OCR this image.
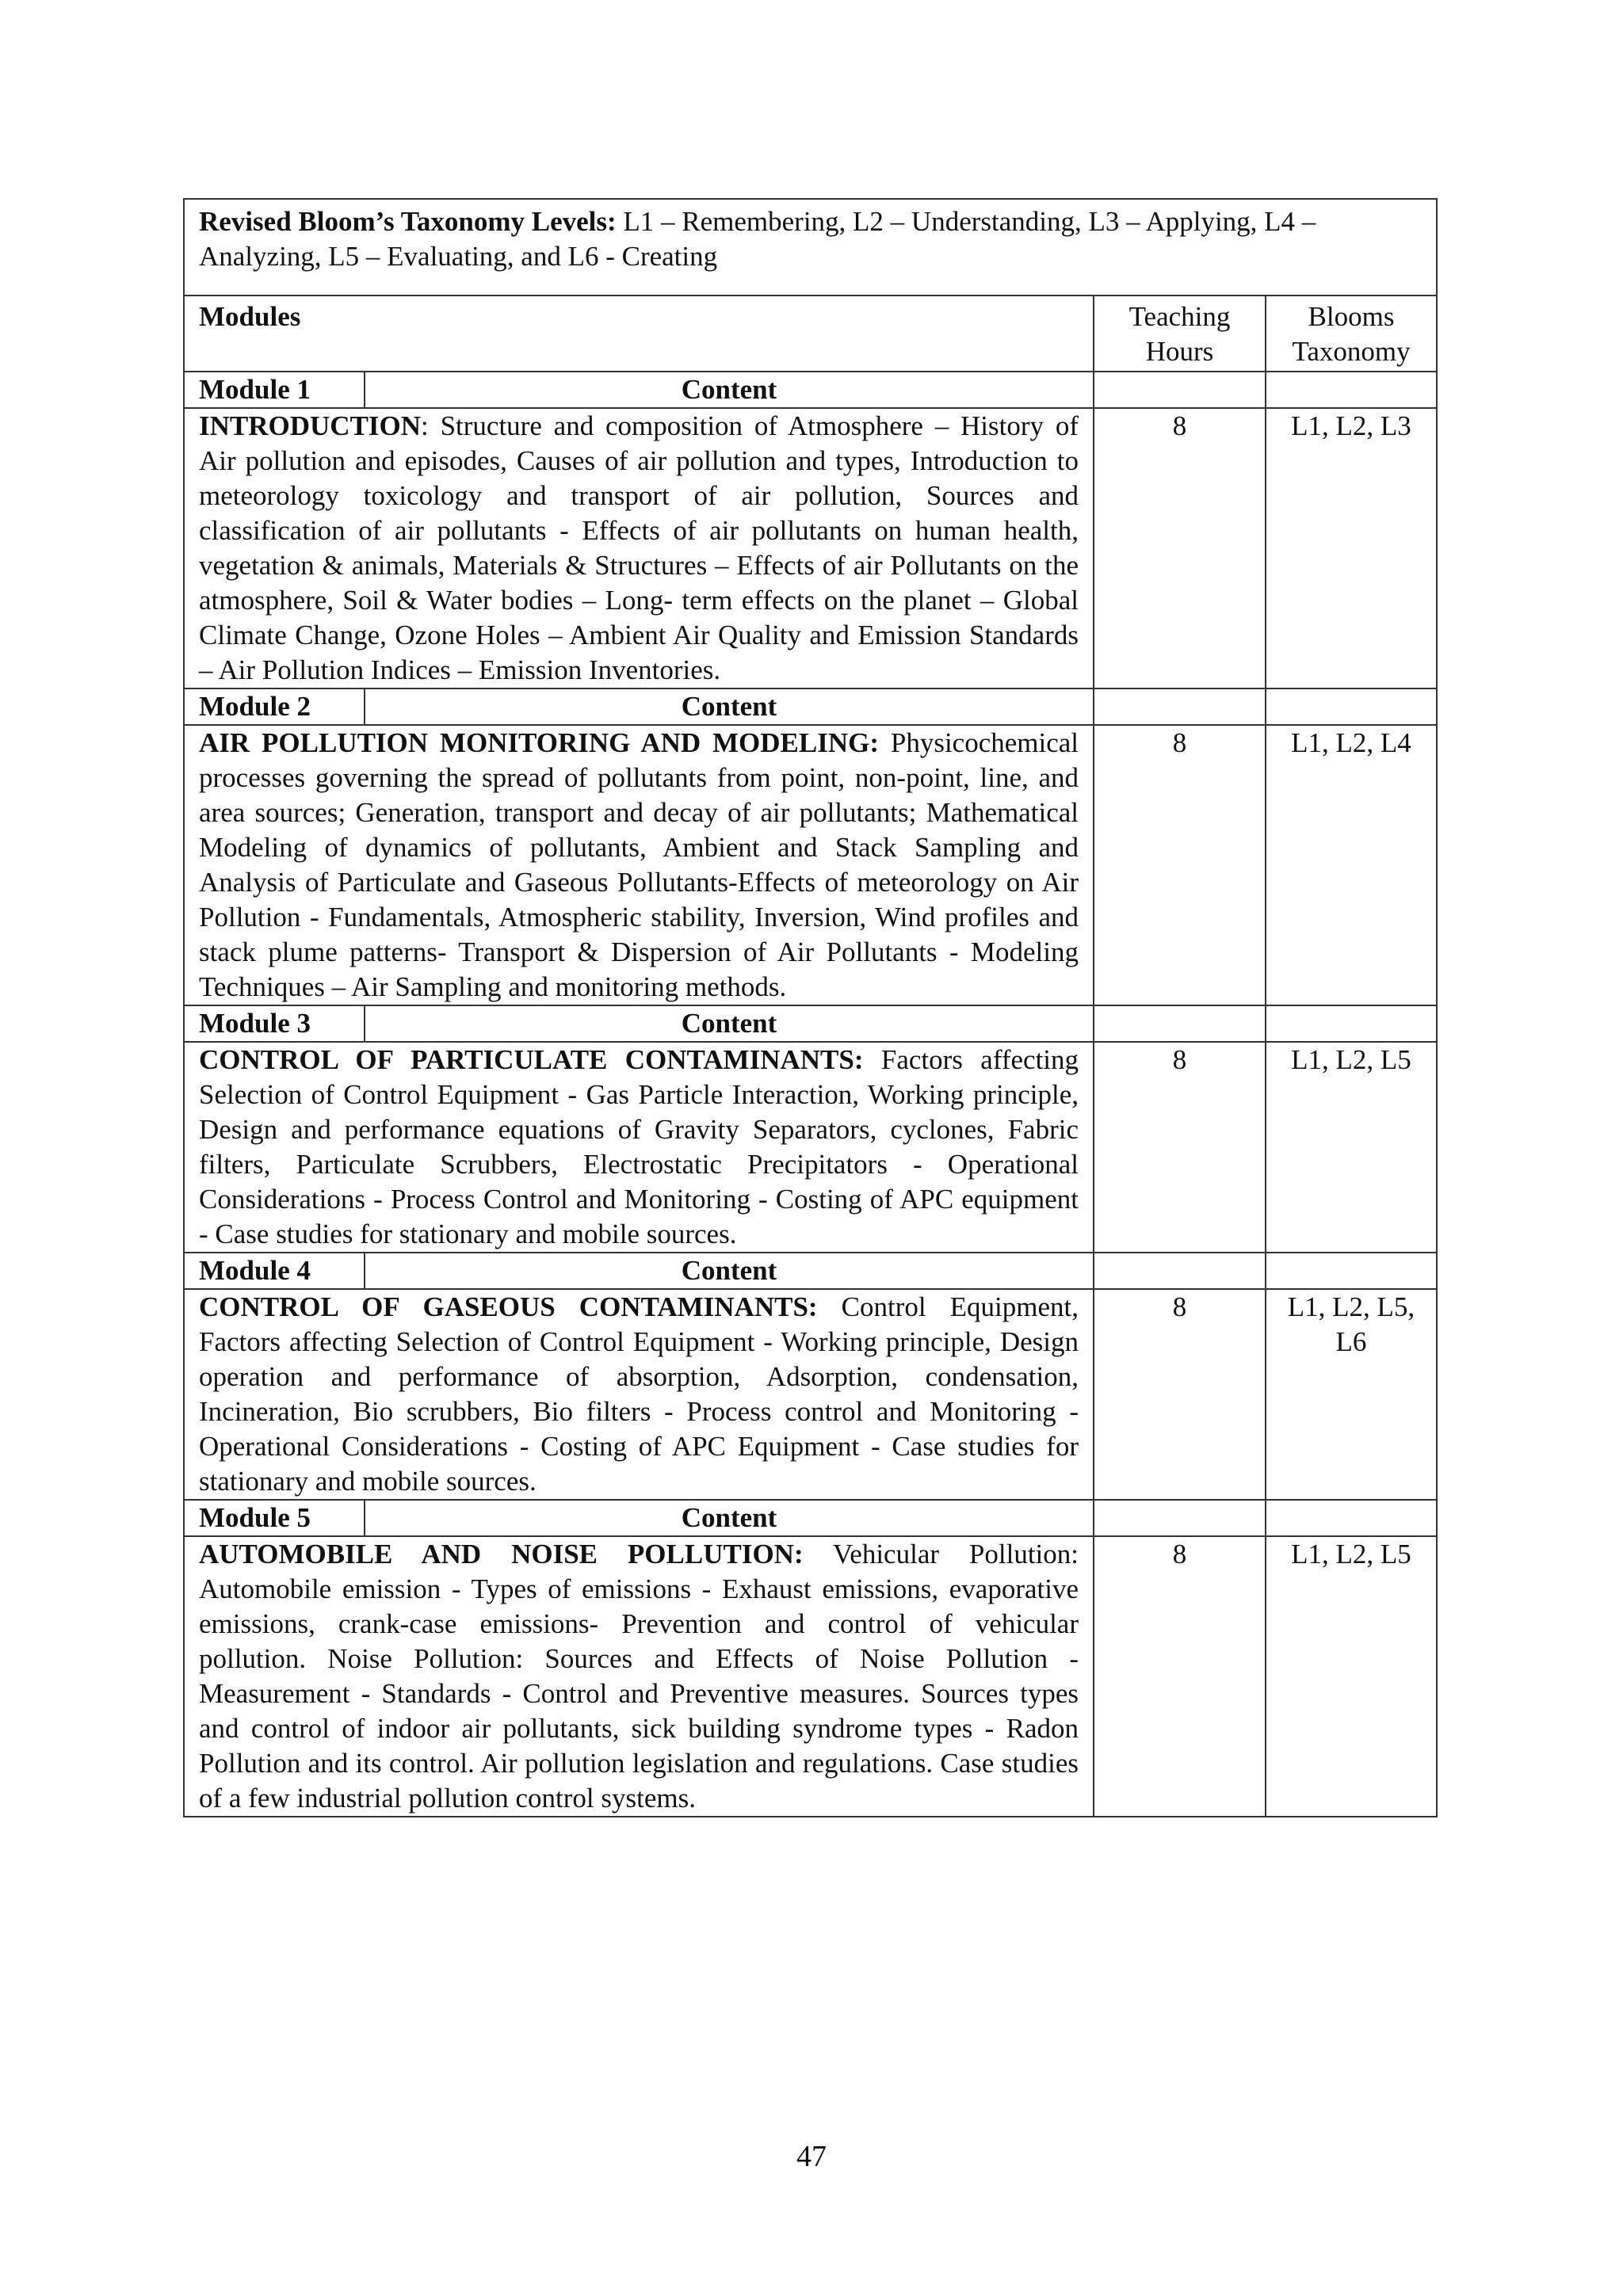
Revised Bloom’s Taxonomy Levels: L1 – Remembering, L2 – Understanding, L3 – Applying, L4 – Analyzing, L5 – Evaluating, and L6 - Creating			
Modules		Teaching Hours	Blooms Taxonomy
Module 1	Content		
INTRODUCTION: Structure and composition of Atmosphere – History of Air pollution and episodes, Causes of air pollution and types, Introduction to meteorology toxicology and transport of air pollution, Sources and classification of air pollutants - Effects of air pollutants on human health, vegetation & animals, Materials & Structures – Effects of air Pollutants on the atmosphere, Soil & Water bodies – Long- term effects on the planet – Global Climate Change, Ozone Holes – Ambient Air Quality and Emission Standards – Air Pollution Indices – Emission Inventories.		8	L1, L2, L3
Module 2	Content		
AIR POLLUTION MONITORING AND MODELING: Physicochemical processes governing the spread of pollutants from point, non-point, line, and area sources; Generation, transport and decay of air pollutants; Mathematical Modeling of dynamics of pollutants, Ambient and Stack Sampling and Analysis of Particulate and Gaseous Pollutants-Effects of meteorology on Air Pollution - Fundamentals, Atmospheric stability, Inversion, Wind profiles and stack plume patterns- Transport & Dispersion of Air Pollutants - Modeling Techniques – Air Sampling and monitoring methods.		8	L1, L2, L4
Module 3	Content		
CONTROL OF PARTICULATE CONTAMINANTS: Factors affecting Selection of Control Equipment - Gas Particle Interaction, Working principle, Design and performance equations of Gravity Separators, cyclones, Fabric filters, Particulate Scrubbers, Electrostatic Precipitators - Operational Considerations - Process Control and Monitoring - Costing of APC equipment - Case studies for stationary and mobile sources.		8	L1, L2, L5
Module 4	Content		
CONTROL OF GASEOUS CONTAMINANTS: Control Equipment, Factors affecting Selection of Control Equipment - Working principle, Design operation and performance of absorption, Adsorption, condensation, Incineration, Bio scrubbers, Bio filters - Process control and Monitoring - Operational Considerations - Costing of APC Equipment - Case studies for stationary and mobile sources.		8	L1, L2, L5, L6
Module 5	Content		
AUTOMOBILE AND NOISE POLLUTION: Vehicular Pollution: Automobile emission - Types of emissions - Exhaust emissions, evaporative emissions, crank-case emissions- Prevention and control of vehicular pollution. Noise Pollution: Sources and Effects of Noise Pollution - Measurement - Standards - Control and Preventive measures. Sources types and control of indoor air pollutants, sick building syndrome types - Radon Pollution and its control. Air pollution legislation and regulations. Case studies of a few industrial pollution control systems.		8	L1, L2, L5
47
